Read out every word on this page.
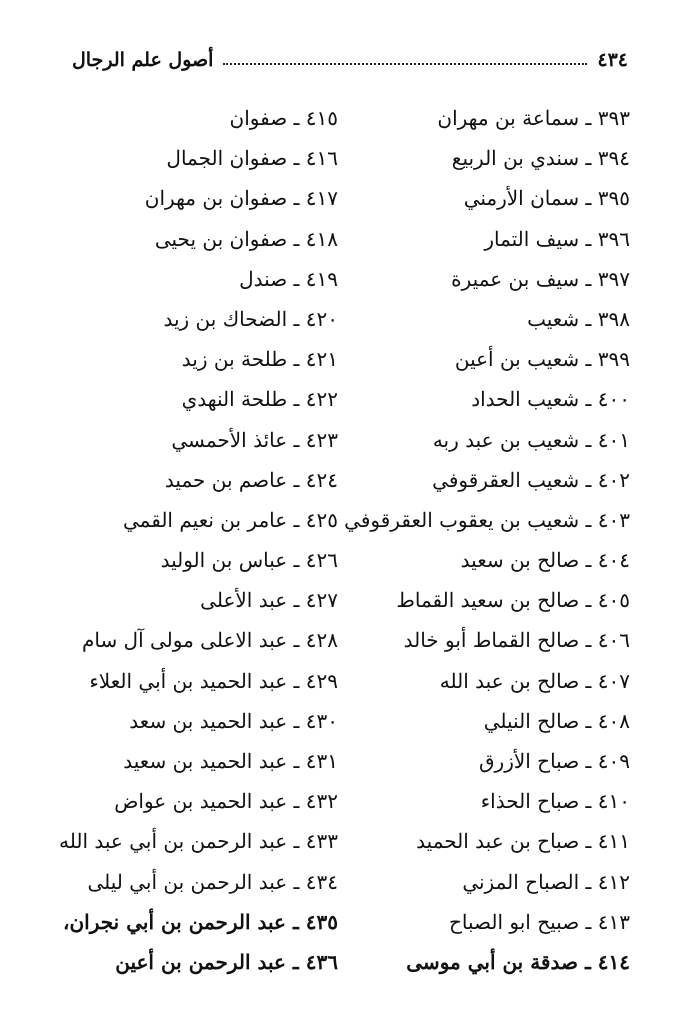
٤٣٤
أصول علم الرجال
٣٩٣ ـ سماعة بن مهران
٣٩٤ ـ سندي بن الربيع
٣٩٥ ـ سمان الأرمني
٣٩٦ ـ سيف التمار
٣٩٧ ـ سيف بن عميرة
٣٩٨ ـ شعيب
٣٩٩ ـ شعيب بن أعين
٤٠٠ ـ شعيب الحداد
٤٠١ ـ شعيب بن عبد ربه
٤٠٢ ـ شعيب العقرقوفي
٤٠٣ ـ شعيب بن يعقوب العقرقوفي
٤٠٤ ـ صالح بن سعيد
٤٠٥ ـ صالح بن سعيد القماط
٤٠٦ ـ صالح القماط أبو خالد
٤٠٧ ـ صالح بن عبد الله
٤٠٨ ـ صالح النيلي
٤٠٩ ـ صباح الأزرق
٤١٠ ـ صباح الحذاء
٤١١ ـ صباح بن عبد الحميد
٤١٢ ـ الصباح المزني
٤١٣ ـ صبيح ابو الصباح
٤١٤ ـ صدقة بن أبي موسى
٤١٥ ـ صفوان
٤١٦ ـ صفوان الجمال
٤١٧ ـ صفوان بن مهران
٤١٨ ـ صفوان بن يحيى
٤١٩ ـ صندل
٤٢٠ ـ الضحاك بن زيد
٤٢١ ـ طلحة بن زيد
٤٢٢ ـ طلحة النهدي
٤٢٣ ـ عائذ الأحمسي
٤٢٤ ـ عاصم بن حميد
٤٢٥ ـ عامر بن نعيم القمي
٤٢٦ ـ عباس بن الوليد
٤٢٧ ـ عبد الأعلى
٤٢٨ ـ عبد الاعلى مولى آل سام
٤٢٩ ـ عبد الحميد بن أبي العلاء
٤٣٠ ـ عبد الحميد بن سعد
٤٣١ ـ عبد الحميد بن سعيد
٤٣٢ ـ عبد الحميد بن عواض
٤٣٣ ـ عبد الرحمن بن أبي عبد الله
٤٣٤ ـ عبد الرحمن بن أبي ليلى
٤٣٥ ـ عبد الرحمن بن أبي نجران،
٤٣٦ ـ عبد الرحمن بن أعين
